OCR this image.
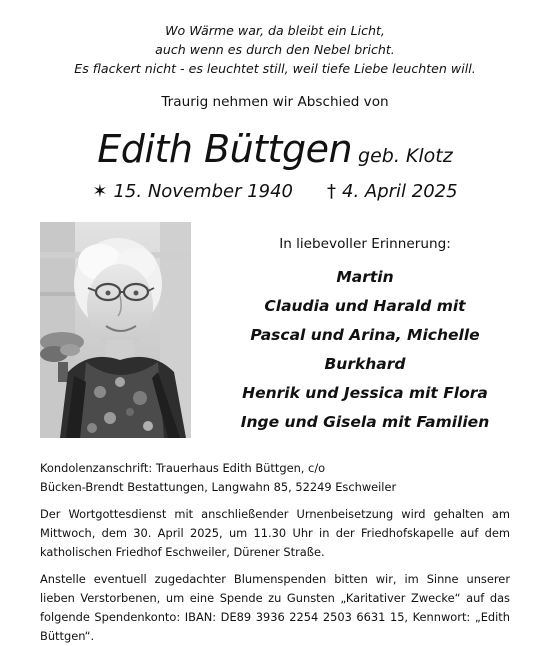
Wo Wärme war, da bleibt ein Licht,
auch wenn es durch den Nebel bricht.
Es flackert nicht - es leuchtet still, weil tiefe Liebe leuchten will.
Traurig nehmen wir Abschied von
Edith Büttgen geb. Klotz
✶ 15. November 1940 † 4. April 2025
In liebevoller Erinnerung:
Martin
Claudia und Harald mit
Pascal und Arina, Michelle
Burkhard
Henrik und Jessica mit Flora
Inge und Gisela mit Familien
Kondolenzanschrift: Trauerhaus Edith Büttgen, c/o
Bücken-Brendt Bestattungen, Langwahn 85, 52249 Eschweiler

Der Wortgottesdienst mit anschließender Urnenbeisetzung wird gehalten am Mittwoch, dem 30. April 2025, um 11.30 Uhr in der Friedhofskapelle auf dem katholischen Friedhof Eschweiler, Dürener Straße.

Anstelle eventuell zugedachter Blumenspenden bitten wir, im Sinne unserer lieben Verstorbenen, um eine Spende zu Gunsten „Karitativer Zwecke“ auf das folgende Spendenkonto: IBAN: DE89 3936 2254 2503 6631 15, Kennwort: „Edith Büttgen“.
